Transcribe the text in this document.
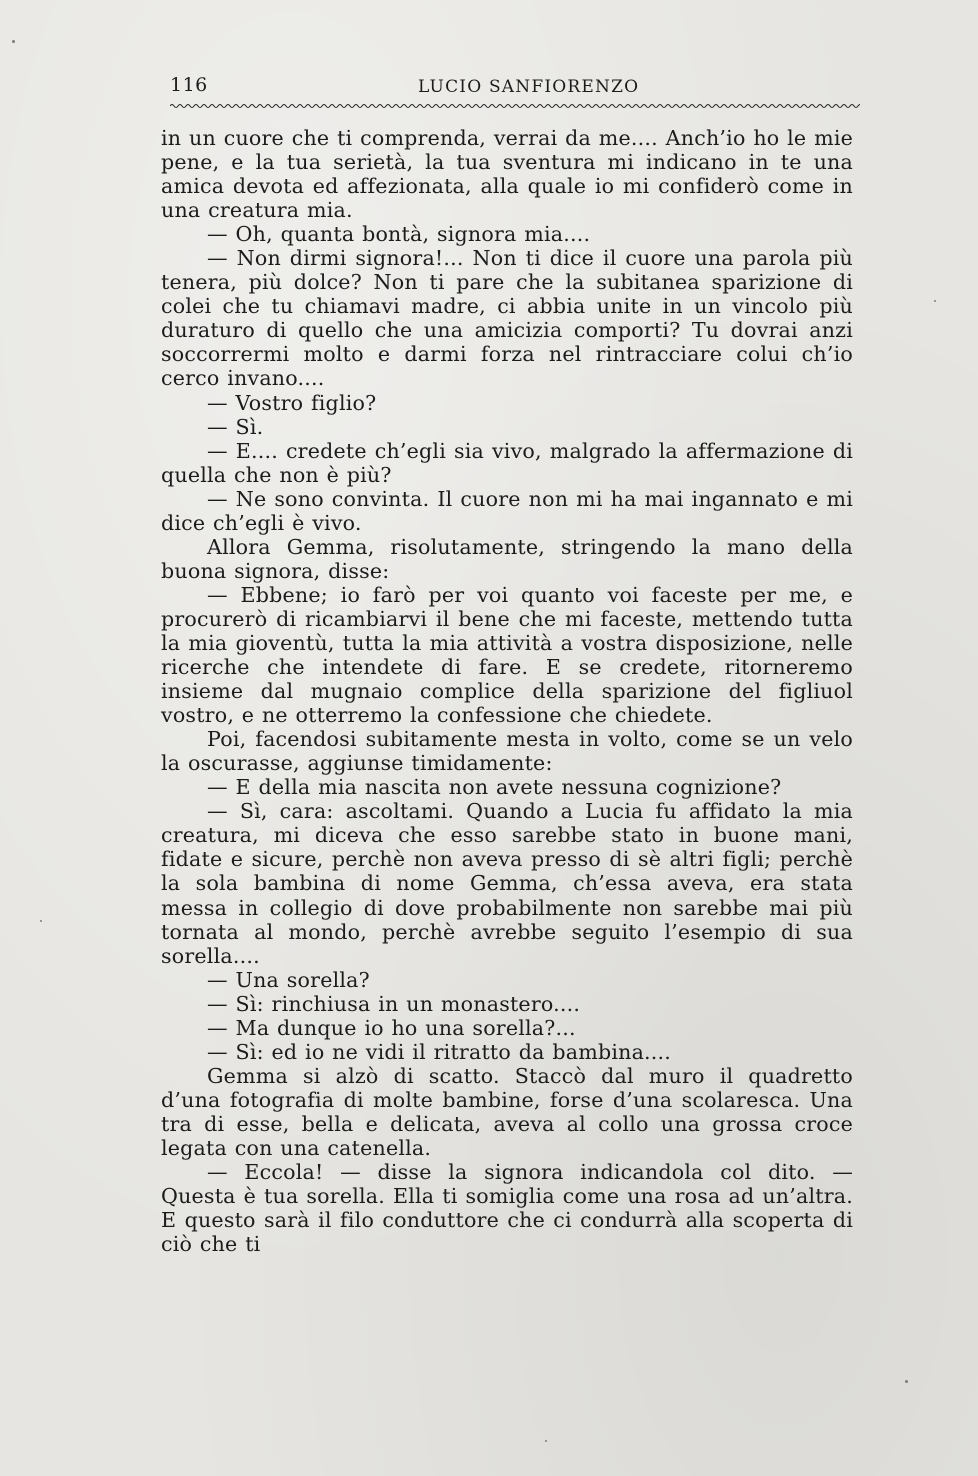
116	LUCIO SANFIORENZO

in un cuore che ti comprenda, verrai da me.... Anch’io ho le mie pene, e la tua serietà, la tua sventura mi indicano in te una amica devota ed affezionata, alla quale io mi confiderò come in una creatura mia.

— Oh, quanta bontà, signora mia....

— Non dirmi signora!... Non ti dice il cuore una parola più tenera, più dolce? Non ti pare che la subitanea sparizione di colei che tu chiamavi madre, ci abbia unite in un vincolo più duraturo di quello che una amicizia comporti? Tu dovrai anzi soccorrermi molto e darmi forza nel rintracciare colui ch’io cerco invano....

— Vostro figlio?

— Sì.

— E.... credete ch’egli sia vivo, malgrado la affermazione di quella che non è più?

— Ne sono convinta. Il cuore non mi ha mai ingannato e mi dice ch’egli è vivo.

Allora Gemma, risolutamente, stringendo la mano della buona signora, disse:

— Ebbene; io farò per voi quanto voi faceste per me, e procurerò di ricambiarvi il bene che mi faceste, mettendo tutta la mia gioventù, tutta la mia attività a vostra disposizione, nelle ricerche che intendete di fare. E se credete, ritorneremo insieme dal mugnaio complice della sparizione del figliuol vostro, e ne otterremo la confessione che chiedete.

Poi, facendosi subitamente mesta in volto, come se un velo la oscurasse, aggiunse timidamente:

— E della mia nascita non avete nessuna cognizione?

— Sì, cara: ascoltami. Quando a Lucia fu affidato la mia creatura, mi diceva che esso sarebbe stato in buone mani, fidate e sicure, perchè non aveva presso di sè altri figli; perchè la sola bambina di nome Gemma, ch’essa aveva, era stata messa in collegio di dove probabilmente non sarebbe mai più tornata al mondo, perchè avrebbe seguito l’esempio di sua sorella....

— Una sorella?

— Sì: rinchiusa in un monastero....

— Ma dunque io ho una sorella?...

— Sì: ed io ne vidi il ritratto da bambina....

Gemma si alzò di scatto. Staccò dal muro il quadretto d’una fotografia di molte bambine, forse d’una scolaresca. Una tra di esse, bella e delicata, aveva al collo una grossa croce legata con una catenella.

— Eccola! — disse la signora indicandola col dito. — Questa è tua sorella. Ella ti somiglia come una rosa ad un’altra. E questo sarà il filo conduttore che ci condurrà alla scoperta di ciò che ti
